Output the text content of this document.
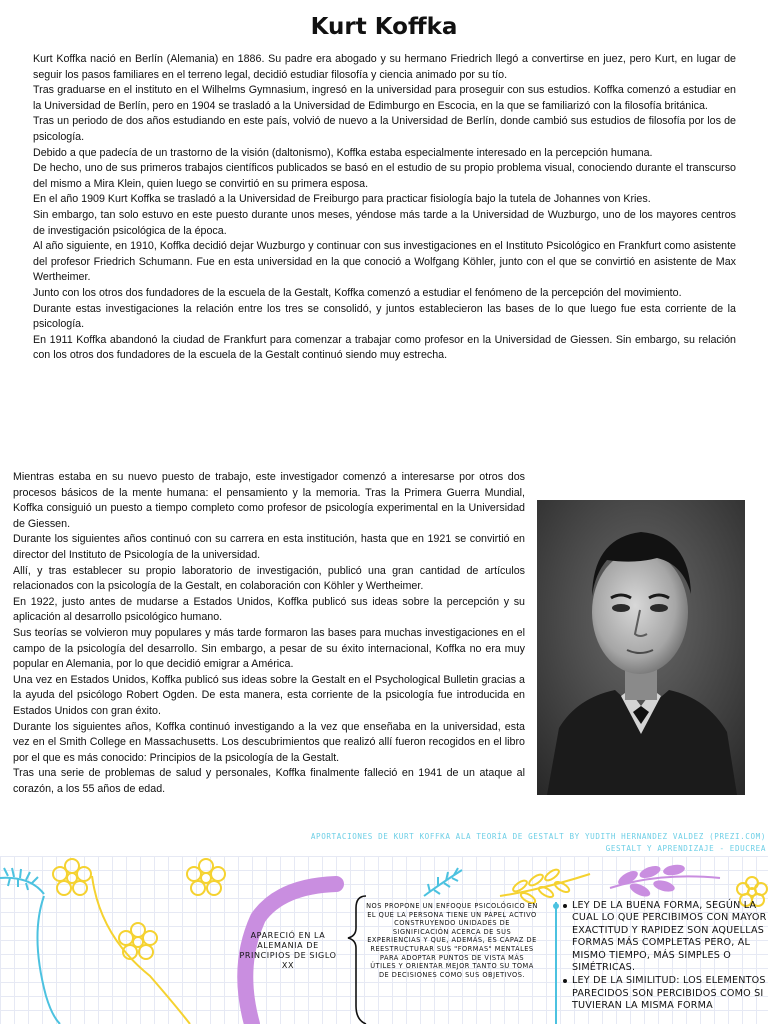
Kurt Koffka

Kurt Koffka nació en Berlín (Alemania) en 1886. Su padre era abogado y su hermano Friedrich llegó a convertirse en juez, pero Kurt, en lugar de seguir los pasos familiares en el terreno legal, decidió estudiar filosofía y ciencia animado por su tío.

Tras graduarse en el instituto en el Wilhelms Gymnasium, ingresó en la universidad para proseguir con sus estudios. Koffka comenzó a estudiar en la Universidad de Berlín, pero en 1904 se trasladó a la Universidad de Edimburgo en Escocia, en la que se familiarizó con la filosofía británica.

Tras un periodo de dos años estudiando en este país, volvió de nuevo a la Universidad de Berlín, donde cambió sus estudios de filosofía por los de psicología.

Debido a que padecía de un trastorno de la visión (daltonismo), Koffka estaba especialmente interesado en la percepción humana.

De hecho, uno de sus primeros trabajos científicos publicados se basó en el estudio de su propio problema visual, conociendo durante el transcurso del mismo a Mira Klein, quien luego se convirtió en su primera esposa.

En el año 1909 Kurt Koffka se trasladó a la Universidad de Freiburgo para practicar fisiología bajo la tutela de Johannes von Kries.

Sin embargo, tan solo estuvo en este puesto durante unos meses, yéndose más tarde a la Universidad de Wuzburgo, uno de los mayores centros de investigación psicológica de la época.

Al año siguiente, en 1910, Koffka decidió dejar Wuzburgo y continuar con sus investigaciones en el Instituto Psicológico en Frankfurt como asistente del profesor Friedrich Schumann. Fue en esta universidad en la que conoció a Wolfgang Köhler, junto con el que se convirtió en asistente de Max Wertheimer.

Junto con los otros dos fundadores de la escuela de la Gestalt, Koffka comenzó a estudiar el fenómeno de la percepción del movimiento.

Durante estas investigaciones la relación entre los tres se consolidó, y juntos establecieron las bases de lo que luego fue esta corriente de la psicología.

En 1911 Koffka abandonó la ciudad de Frankfurt para comenzar a trabajar como profesor en la Universidad de Giessen. Sin embargo, su relación con los otros dos fundadores de la escuela de la Gestalt continuó siendo muy estrecha.

Mientras estaba en su nuevo puesto de trabajo, este investigador comenzó a interesarse por otros dos procesos básicos de la mente humana: el pensamiento y la memoria. Tras la Primera Guerra Mundial, Koffka consiguió un puesto a tiempo completo como profesor de psicología experimental en la Universidad de Giessen.

Durante los siguientes años continuó con su carrera en esta institución, hasta que en 1921 se convirtió en director del Instituto de Psicología de la universidad.

Allí, y tras establecer su propio laboratorio de investigación, publicó una gran cantidad de artículos relacionados con la psicología de la Gestalt, en colaboración con Köhler y Wertheimer.

En 1922, justo antes de mudarse a Estados Unidos, Koffka publicó sus ideas sobre la percepción y su aplicación al desarrollo psicológico humano.

Sus teorías se volvieron muy populares y más tarde formaron las bases para muchas investigaciones en el campo de la psicología del desarrollo. Sin embargo, a pesar de su éxito internacional, Koffka no era muy popular en Alemania, por lo que decidió emigrar a América.

Una vez en Estados Unidos, Koffka publicó sus ideas sobre la Gestalt en el Psychological Bulletin gracias a la ayuda del psicólogo Robert Ogden. De esta manera, esta corriente de la psicología fue introducida en Estados Unidos con gran éxito.

Durante los siguientes años, Koffka continuó investigando a la vez que enseñaba en la universidad, esta vez en el Smith College en Massachusetts. Los descubrimientos que realizó allí fueron recogidos en el libro por el que es más conocido: Principios de la psicología de la Gestalt.

Tras una serie de problemas de salud y personales, Koffka finalmente falleció en 1941 de un ataque al corazón, a los 55 años de edad.

APORTACIONES DE KURT KOFFKA ALA TEORÍA DE GESTALT BY YUDITH HERNANDEZ VALDEZ (PREZI.COM)
GESTALT Y APRENDIZAJE - EDUCREA
APARECIÓ EN LA ALEMANIA DE PRINCIPIOS DE SIGLO XX
NOS PROPONE UN ENFOQUE PSICOLÓGICO EN EL QUE LA PERSONA TIENE UN PAPEL ACTIVO CONSTRUYENDO UNIDADES DE SIGNIFICACIÓN ACERCA DE SUS EXPERIENCIAS Y QUE, ADEMÁS, ES CAPAZ DE REESTRUCTURAR SUS "FORMAS" MENTALES PARA ADOPTAR PUNTOS DE VISTA MÁS ÚTILES Y ORIENTAR MEJOR TANTO SU TOMA DE DECISIONES COMO SUS OBJETIVOS.
LEY DE LA BUENA FORMA, SEGÚN LA CUAL LO QUE PERCIBIMOS CON MAYOR EXACTITUD Y RAPIDEZ SON AQUELLAS FORMAS MÁS COMPLETAS PERO, AL MISMO TIEMPO, MÁS SIMPLES O SIMÉTRICAS.
LEY DE LA SIMILITUD: LOS ELEMENTOS PARECIDOS SON PERCIBIDOS COMO SI TUVIERAN LA MISMA FORMA
